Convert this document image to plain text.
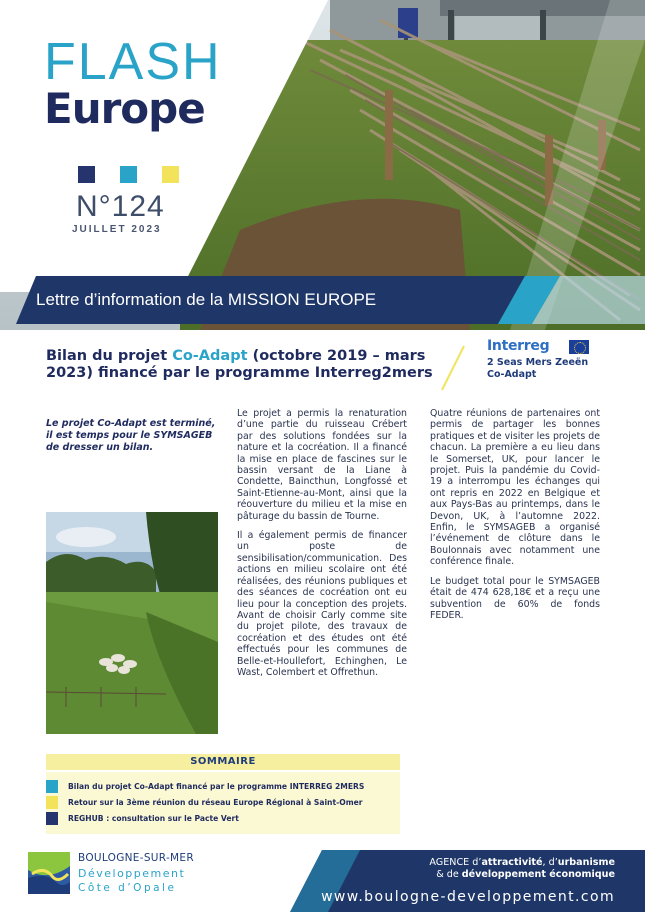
FLASH
Europe
N°124
JUILLET 2023
Lettre d’information de la MISSION EUROPE
Bilan du projet Co-Adapt (octobre 2019 – mars 2023) financé par le programme Interreg2mers
Interreg
2 Seas Mers Zeeën
Co-Adapt
Le projet Co-Adapt est terminé, il est temps pour le SYMSAGEB de dresser un bilan.

Le projet a permis la renaturation d’une partie du ruisseau Crébert par des solutions fondées sur la nature et la cocréation. Il a financé la mise en place de fascines sur le bassin versant de la Liane à Condette, Baincthun, Longfossé et Saint-Etienne-au-Mont, ainsi que la réouverture du milieu et la mise en pâturage du bassin de Tourne.

Il a également permis de financer un poste de sensibilisation/communication. Des actions en milieu scolaire ont été réalisées, des réunions publiques et des séances de cocréation ont eu lieu pour la conception des projets. Avant de choisir Carly comme site du projet pilote, des travaux de cocréation et des études ont été effectués pour les communes de Belle-et-Houllefort, Echinghen, Le Wast, Colembert et Offrethun.

Quatre réunions de partenaires ont permis de partager les bonnes pratiques et de visiter les projets de chacun. La première a eu lieu dans le Somerset, UK, pour lancer le projet. Puis la pandémie du Covid-19 a interrompu les échanges qui ont repris en 2022 en Belgique et aux Pays-Bas au printemps, dans le Devon, UK, à l’automne 2022. Enfin, le SYMSAGEB a organisé l’événement de clôture dans le Boulonnais avec notamment une conférence finale.

Le budget total pour le SYMSAGEB était de 474 628,18€ et a reçu une subvention de 60% de fonds FEDER.

SOMMAIRE
Bilan du projet Co-Adapt financé par le programme INTERREG 2MERS
Retour sur la 3ème réunion du réseau Europe Régional à Saint-Omer
REGHUB : consultation sur le Pacte Vert
BOULOGNE-SUR-MER
Développement
Côte d’Opale
AGENCE d’attractivité, d’urbanisme
& de développement économique
www.boulogne-developpement.com
